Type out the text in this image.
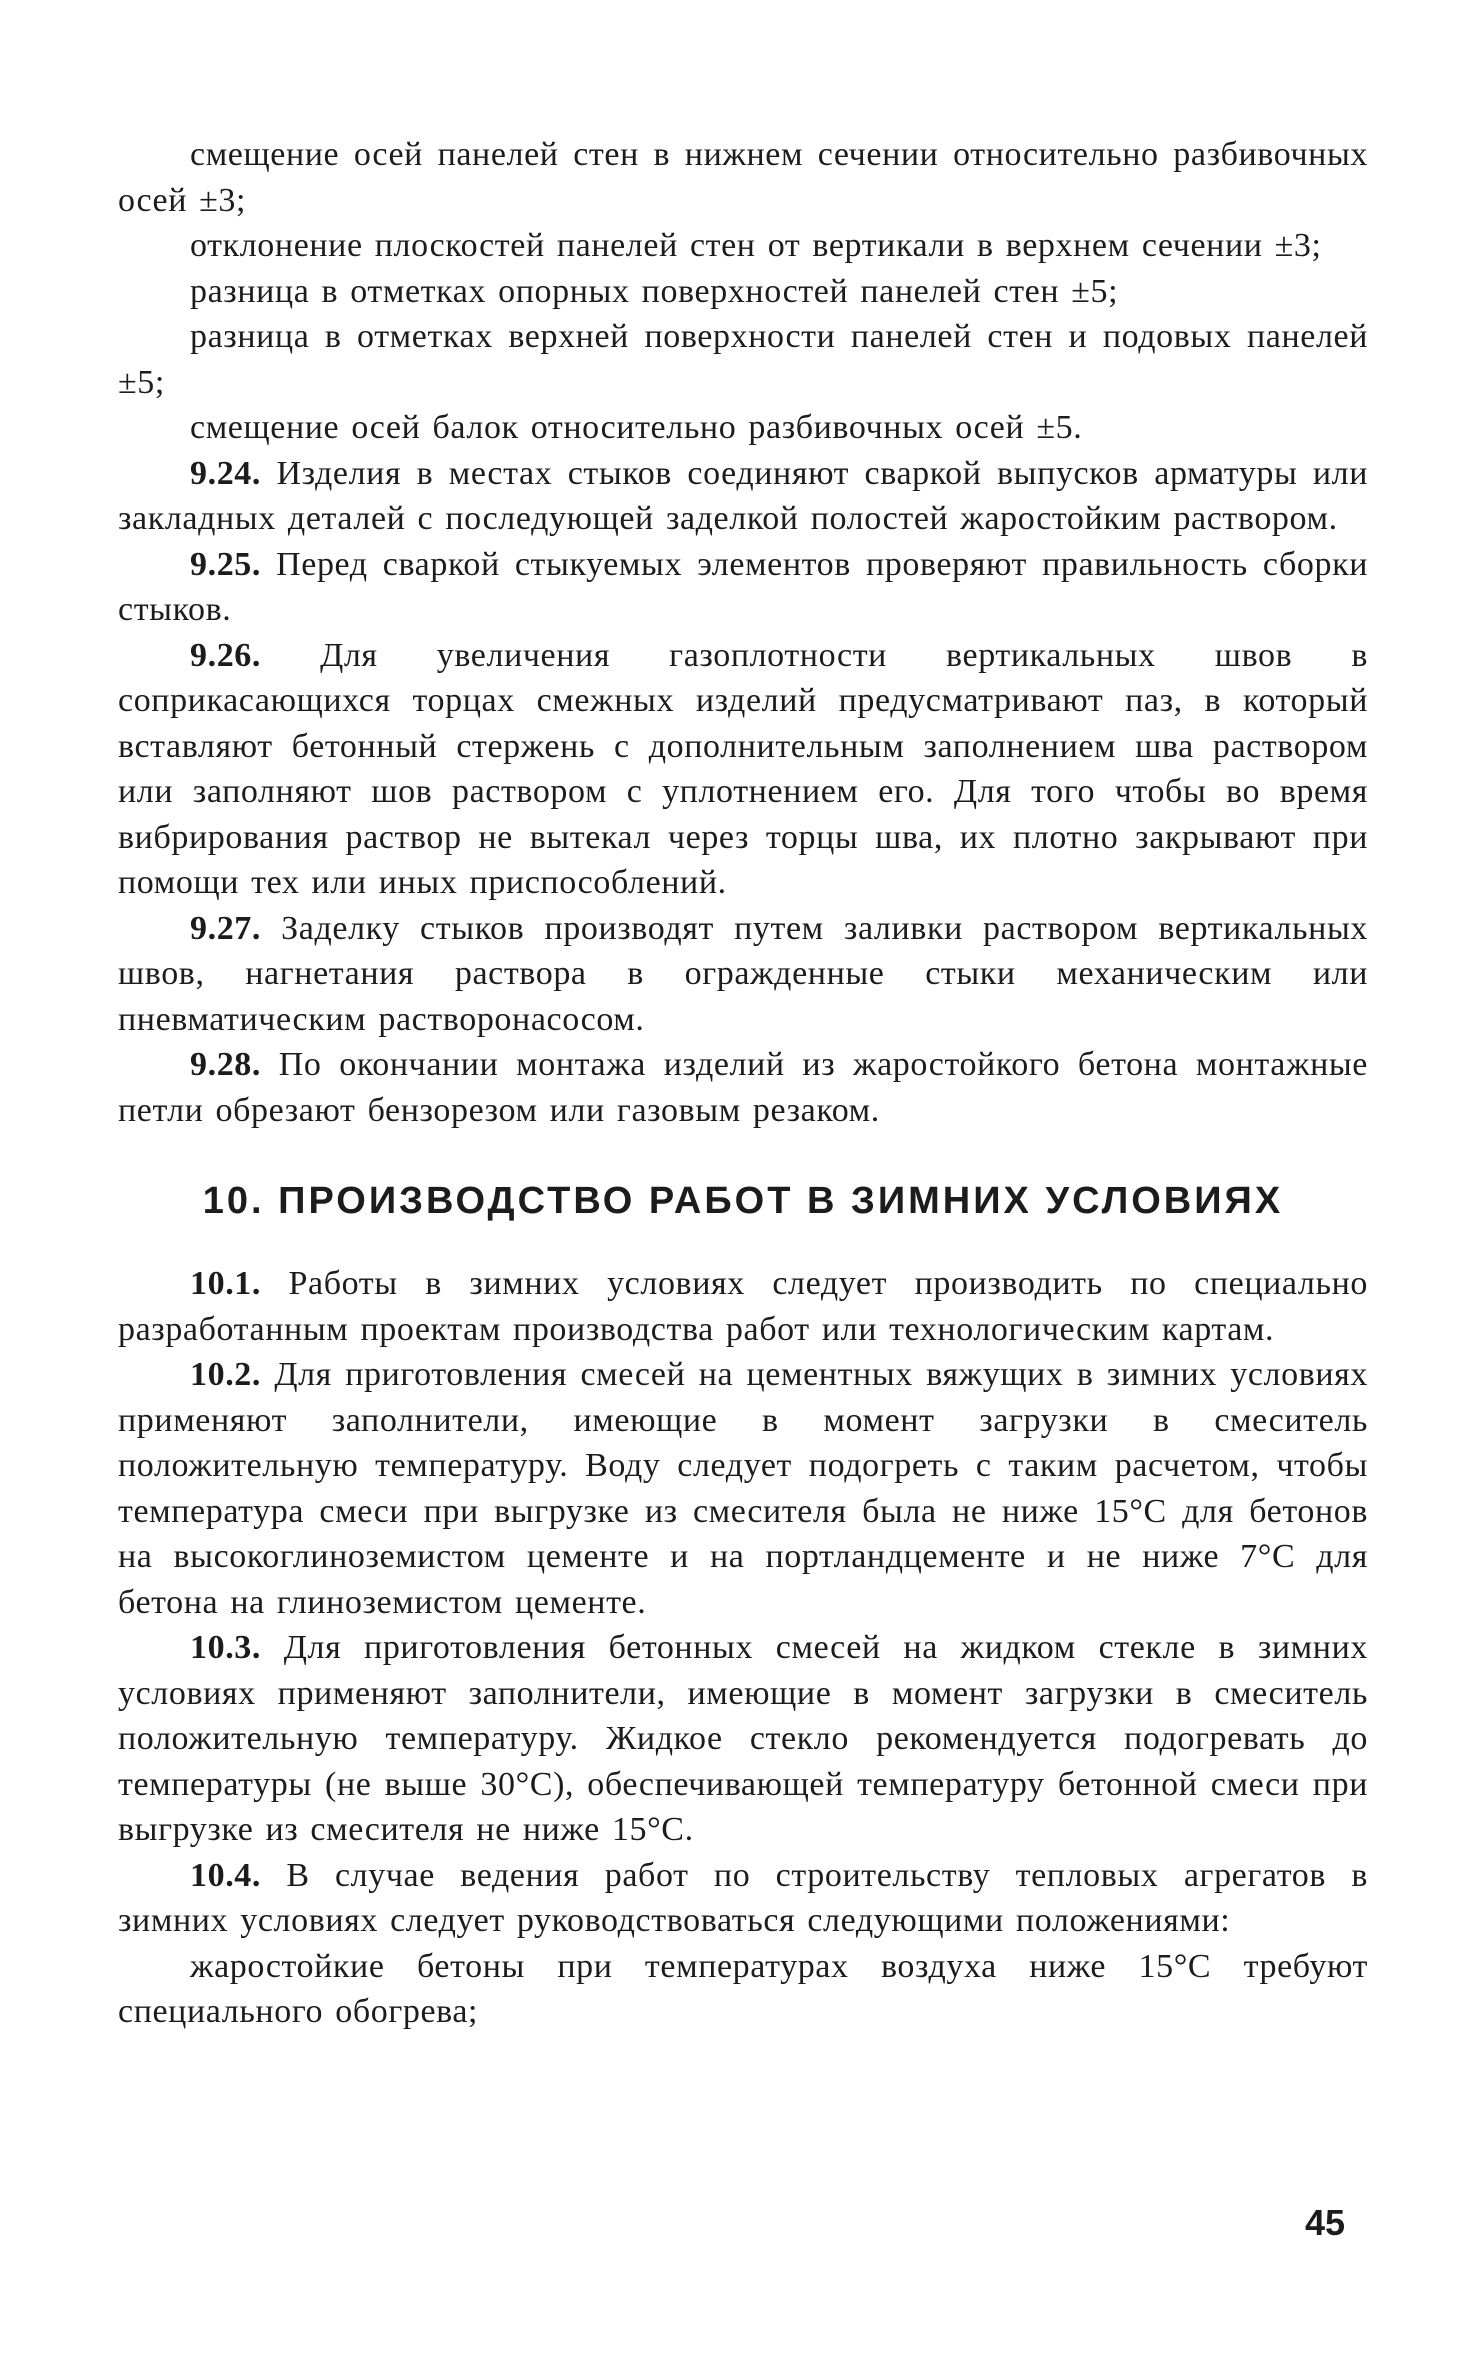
смещение осей панелей стен в нижнем сечении относительно разбивочных осей ±3;

отклонение плоскостей панелей стен от вертикали в верхнем сечении ±3;

разница в отметках опорных поверхностей панелей стен ±5;

разница в отметках верхней поверхности панелей стен и подовых панелей ±5;

смещение осей балок относительно разбивочных осей ±5.

9.24. Изделия в местах стыков соединяют сваркой выпусков арматуры или закладных деталей с последующей заделкой полостей жаростойким раствором.

9.25. Перед сваркой стыкуемых элементов проверяют правильность сборки стыков.

9.26. Для увеличения газоплотности вертикальных швов в соприкасающихся торцах смежных изделий предусматривают паз, в который вставляют бетонный стержень с дополнительным заполнением шва раствором или заполняют шов раствором с уплотнением его. Для того чтобы во время вибрирования раствор не вытекал через торцы шва, их плотно закрывают при помощи тех или иных приспособлений.

9.27. Заделку стыков производят путем заливки раствором вертикальных швов, нагнетания раствора в огражденные стыки механическим или пневматическим растворонасосом.

9.28. По окончании монтажа изделий из жаростойкого бетона монтажные петли обрезают бензорезом или газовым резаком.

10. ПРОИЗВОДСТВО РАБОТ В ЗИМНИХ УСЛОВИЯХ

10.1. Работы в зимних условиях следует производить по специально разработанным проектам производства работ или технологическим картам.

10.2. Для приготовления смесей на цементных вяжущих в зимних условиях применяют заполнители, имеющие в момент загрузки в смеситель положительную температуру. Воду следует подогреть с таким расчетом, чтобы температура смеси при выгрузке из смесителя была не ниже 15°С для бетонов на высокоглиноземистом цементе и на портландцементе и не ниже 7°С для бетона на глиноземистом цементе.

10.3. Для приготовления бетонных смесей на жидком стекле в зимних условиях применяют заполнители, имеющие в момент загрузки в смеситель положительную температуру. Жидкое стекло рекомендуется подогревать до температуры (не выше 30°С), обеспечивающей температуру бетонной смеси при выгрузке из смесителя не ниже 15°С.

10.4. В случае ведения работ по строительству тепловых агрегатов в зимних условиях следует руководствоваться следующими положениями:

жаростойкие бетоны при температурах воздуха ниже 15°С требуют специального обогрева;

45
